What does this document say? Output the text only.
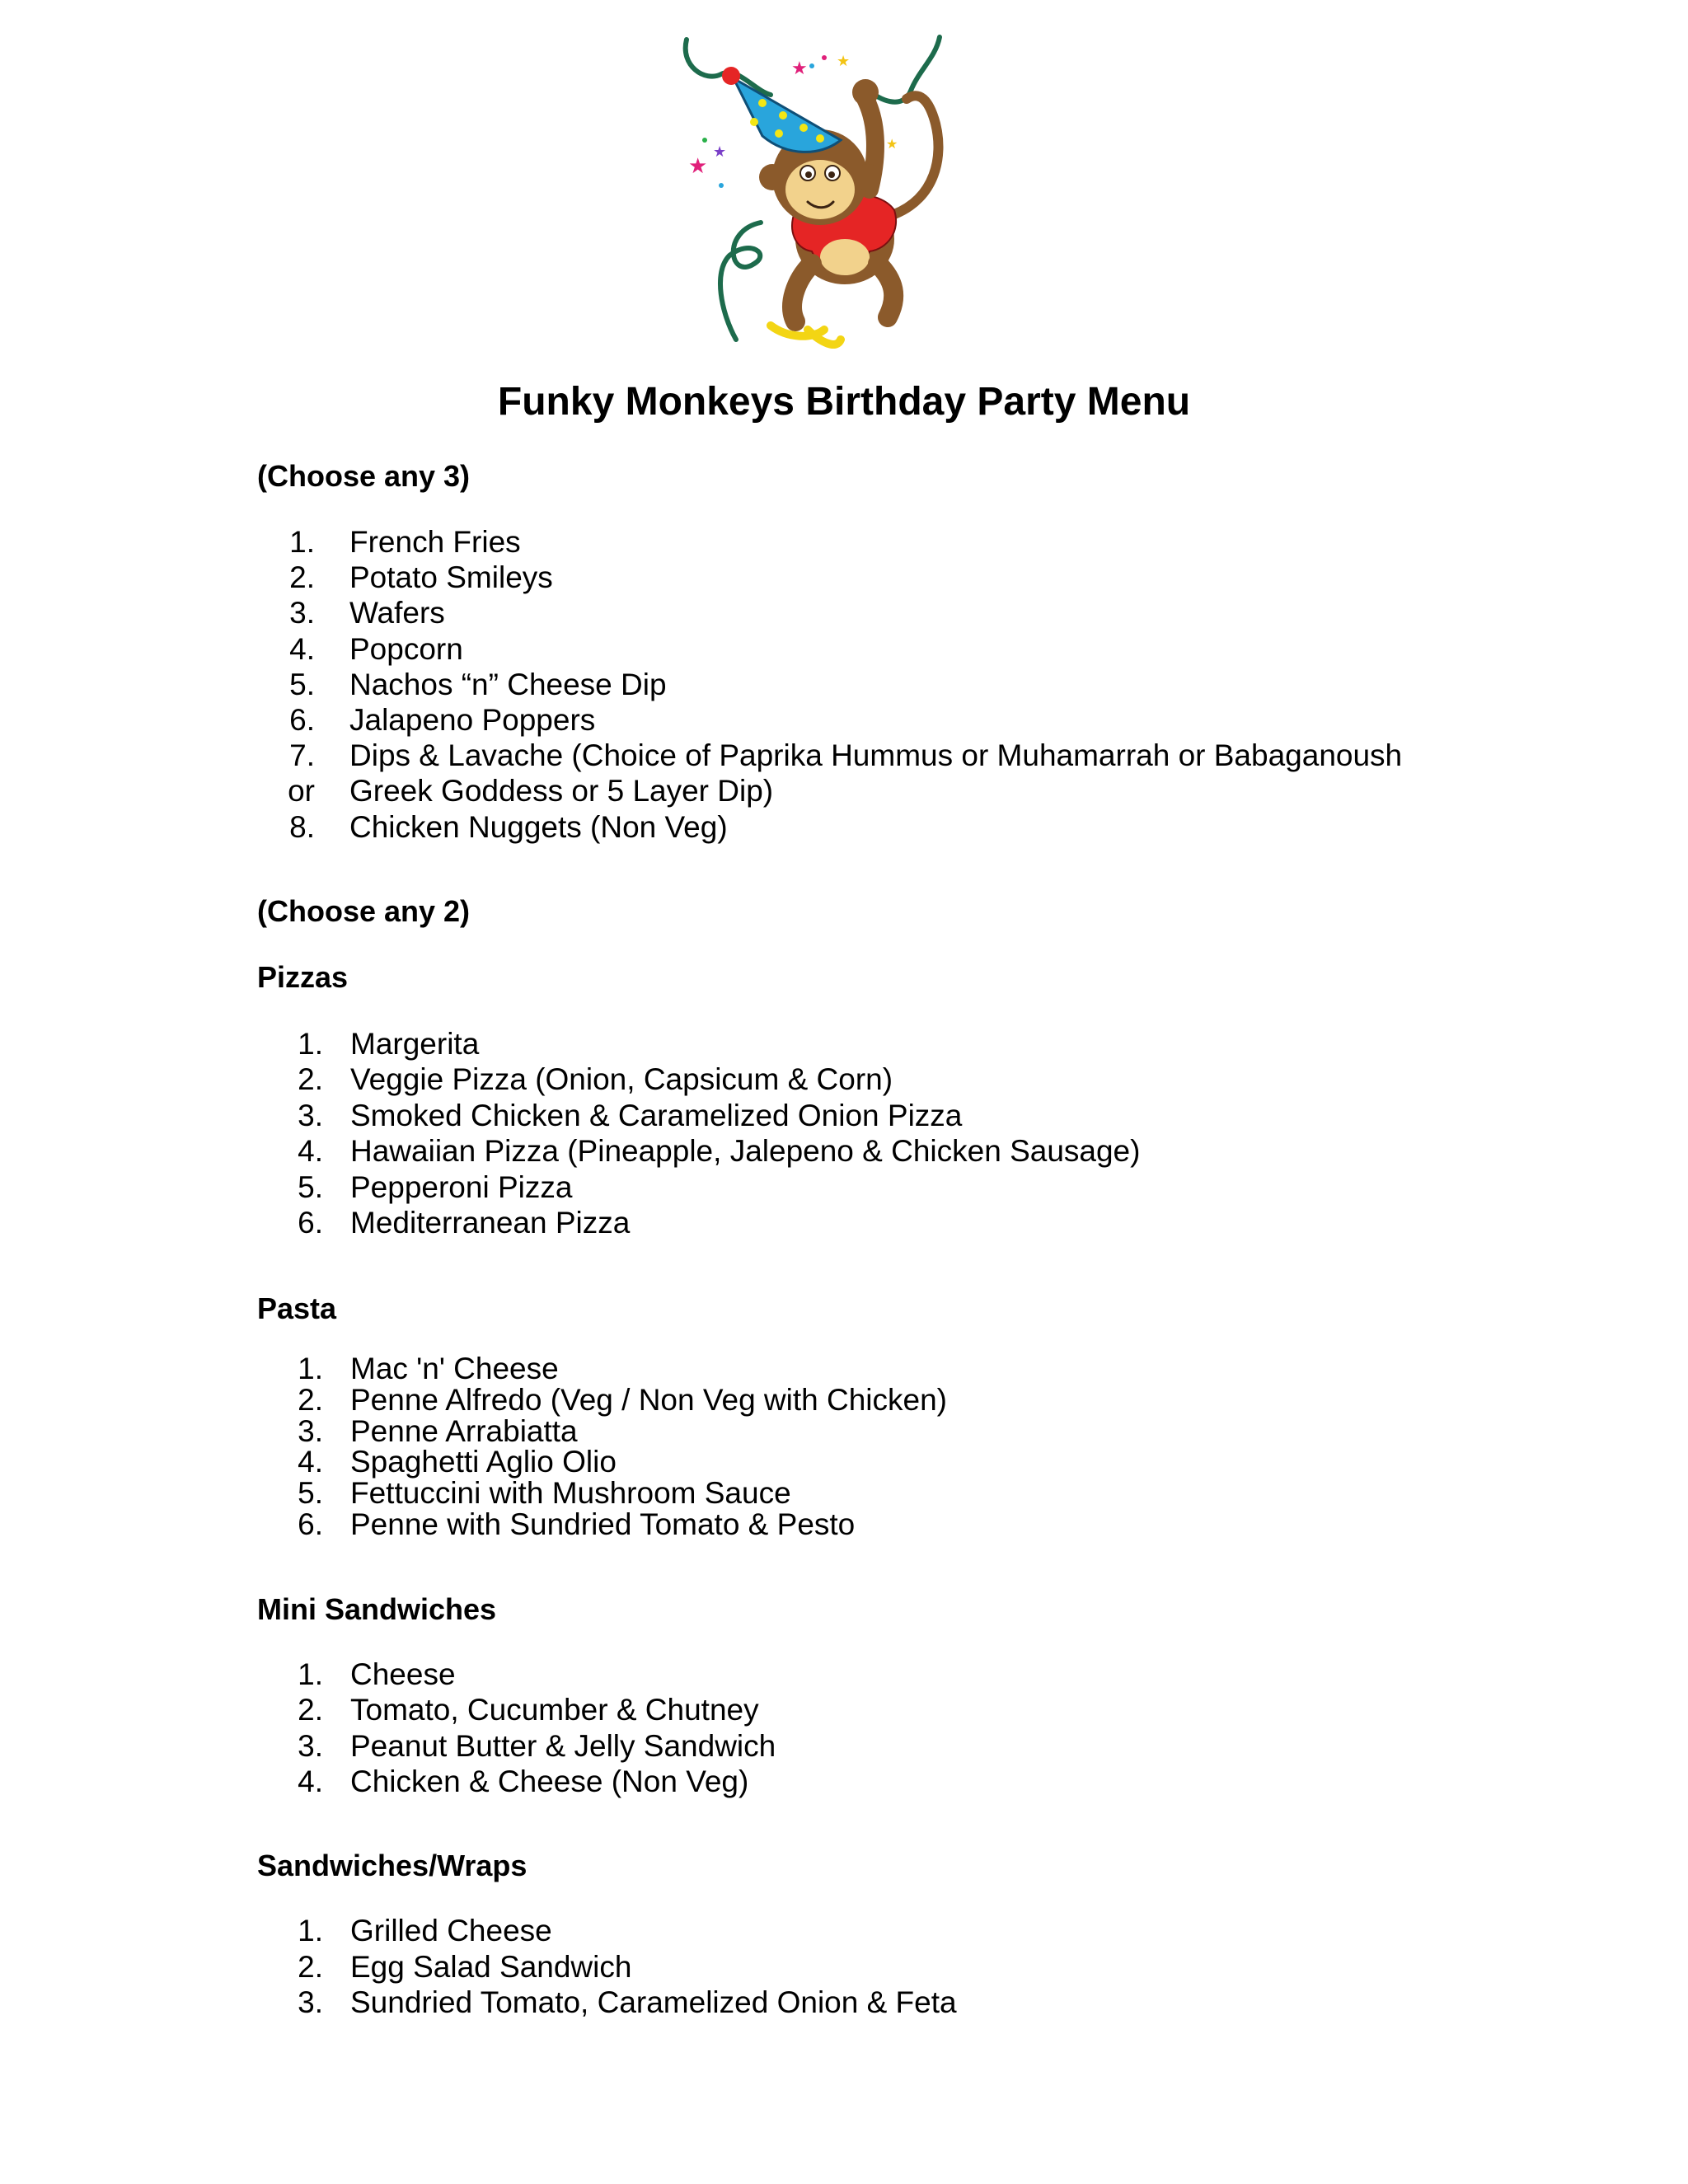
★
★
★ ★
★
Funky Monkeys Birthday Party Menu
(Choose any 3)
1. French Fries
2. Potato Smileys
3. Wafers
4. Popcorn
5. Nachos “n” Cheese Dip
6. Jalapeno Poppers
7. Dips & Lavache (Choice of Paprika Hummus or Muhamarrah or Babaganoush
or Greek Goddess or 5 Layer Dip)
8. Chicken Nuggets (Non Veg)
(Choose any 2)
Pizzas
1. Margerita
2. Veggie Pizza (Onion, Capsicum & Corn)
3. Smoked Chicken & Caramelized Onion Pizza
4. Hawaiian Pizza (Pineapple, Jalepeno & Chicken Sausage)
5. Pepperoni Pizza
6. Mediterranean Pizza
Pasta
1. Mac 'n' Cheese
2. Penne Alfredo (Veg / Non Veg with Chicken)
3. Penne Arrabiatta
4. Spaghetti Aglio Olio
5. Fettuccini with Mushroom Sauce
6. Penne with Sundried Tomato & Pesto
Mini Sandwiches
1. Cheese
2. Tomato, Cucumber & Chutney
3. Peanut Butter & Jelly Sandwich
4. Chicken & Cheese (Non Veg)
Sandwiches/Wraps
1. Grilled Cheese
2. Egg Salad Sandwich
3. Sundried Tomato, Caramelized Onion & Feta
